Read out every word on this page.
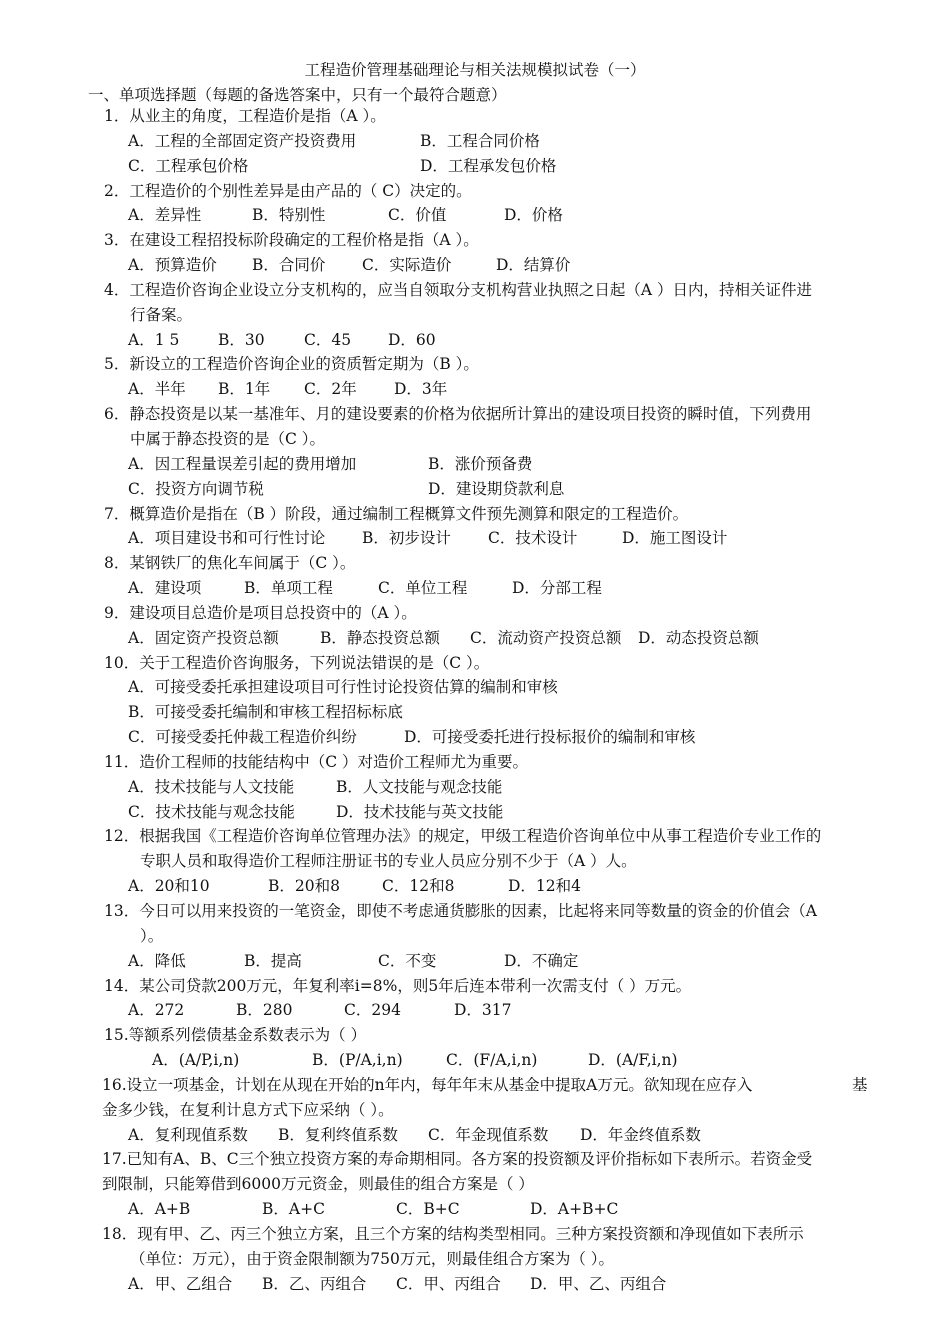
工程造价管理基础理论与相关法规模拟试卷（一）
一、单项选择题（每题的备选答案中，只有一个最符合题意）
1．从业主的角度，工程造价是指（A ）。
A．工程的全部固定资产投资费用	B．工程合同价格
C．工程承包价格	D．工程承发包价格
2．工程造价的个别性差异是由产品的（ C）决定的。
A．差异性	B．特别性	C．价值	D．价格
3．在建设工程招投标阶段确定的工程价格是指（A ）。
A．预算造价 B．合同价 C．实际造价	D．结算价
4．工程造价咨询企业设立分支机构的，应当自领取分支机构营业执照之日起（A ）日内，持相关证件进
行备案。
A．1 5 B．30	C．45 D．60
5．新设立的工程造价咨询企业的资质暂定期为（B ）。
A．半年 B．1年 C．2年 D．3年
6．静态投资是以某一基准年、月的建设要素的价格为依据所计算出的建设项目投资的瞬时值，下列费用
中属于静态投资的是（C ）。
A．因工程量误差引起的费用增加	B．涨价预备费
C．投资方向调节税	D．建设期贷款利息
7．概算造价是指在（B ）阶段，通过编制工程概算文件预先测算和限定的工程造价。
A．项目建设书和可行性讨论 B．初步设计 C．技术设计	D．施工图设计
8．某钢铁厂的焦化车间属于（C ）。
A．建设项	B．单项工程	C．单位工程	D．分部工程
9．建设项目总造价是项目总投资中的（A ）。
A．固定资产投资总额	B．静态投资总额 C．流动资产投资总额 D．动态投资总额
10．关于工程造价咨询服务，下列说法错误的是（C ）。
A．可接受委托承担建设项目可行性讨论投资估算的编制和审核
B．可接受委托编制和审核工程招标标底
C．可接受委托仲裁工程造价纠纷	D．可接受委托进行投标报价的编制和审核
11．造价工程师的技能结构中（C ）对造价工程师尤为重要。
A．技术技能与人文技能	B．人文技能与观念技能
C．技术技能与观念技能	D．技术技能与英文技能
12．根据我国《工程造价咨询单位管理办法》的规定，甲级工程造价咨询单位中从事工程造价专业工作的
专职人员和取得造价工程师注册证书的专业人员应分别不少于（A ）人。
A．20和10	B．20和8	C．12和8	D．12和4
13．今日可以用来投资的一笔资金，即使不考虑通货膨胀的因素，比起将来同等数量的资金的价值会（A
）。
A．降低	B．提高	C．不变	D．不确定
14．某公司贷款200万元，年复利率i=8%，则5年后连本带利一次需支付（ ）万元。
A．272	B．280	C．294	D．317
15.等额系列偿债基金系数表示为（ ）
A．(A/P,i,n)	B．(P/A,i,n)	C．(F/A,i,n)	D．(A/F,i,n)
16.设立一项基金，计划在从现在开始的n年内，每年年末从基金中提取A万元。欲知现在应存入	基
金多少钱，在复利计息方式下应采纳（ ）。
A．复利现值系数 B．复利终值系数 C．年金现值系数 D．年金终值系数
17.已知有A、B、C三个独立投资方案的寿命期相同。各方案的投资额及评价指标如下表所示。若资金受
到限制，只能筹借到6000万元资金，则最佳的组合方案是（ ）
A．A+B	B．A+C	C．B+C	D．A+B+C
18．现有甲、乙、丙三个独立方案，且三个方案的结构类型相同。三种方案投资额和净现值如下表所示
（单位：万元），由于资金限制额为750万元，则最佳组合方案为（ ）。
A．甲、乙组合 B．乙、丙组合 C．甲、丙组合 D．甲、乙、丙组合
